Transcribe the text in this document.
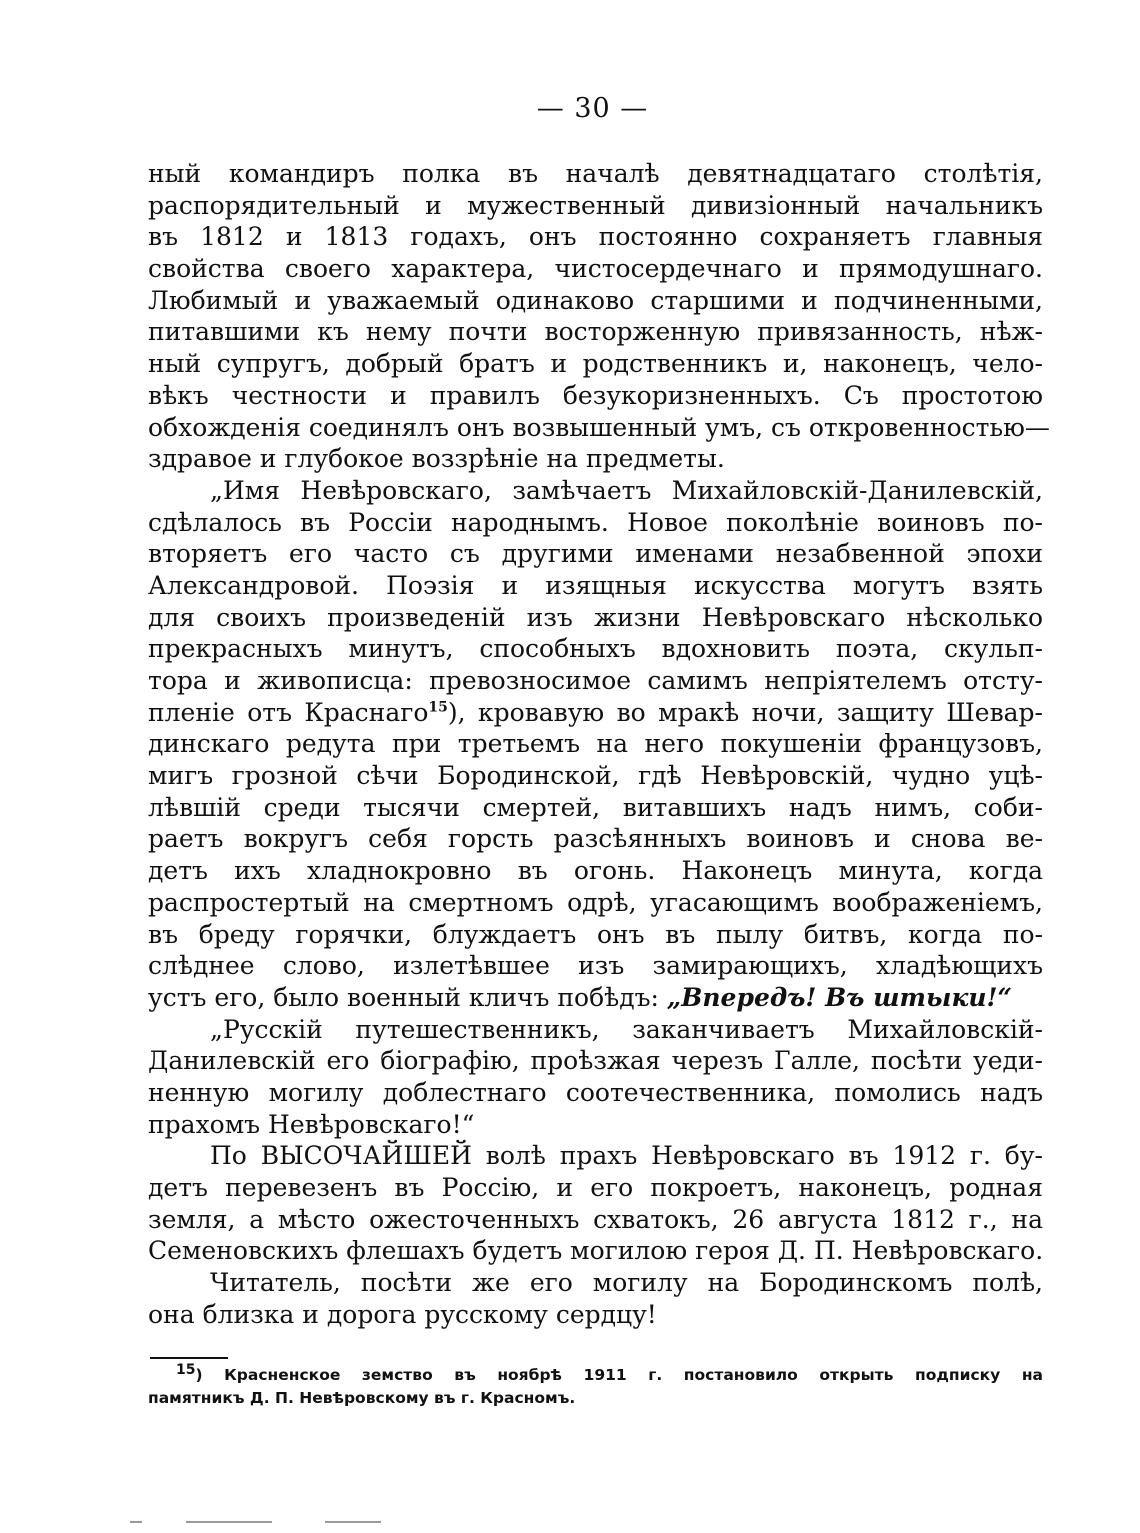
— 30 —
ный командиръ полка въ началѣ девятнадцатаго столѣтія,
распорядительный и мужественный дивизіонный начальникъ
въ 1812 и 1813 годахъ, онъ постоянно сохраняетъ главныя
свойства своего характера, чистосердечнаго и прямодушнаго.
Любимый и уважаемый одинаково старшими и подчиненными,
питавшими къ нему почти восторженную привязанность, нѣж-
ный супругъ, добрый братъ и родственникъ и, наконецъ, чело-
вѣкъ честности и правилъ безукоризненныхъ. Съ простотою
обхожденія соединялъ онъ возвышенный умъ, съ откровенностью—
здравое и глубокое воззрѣніе на предметы.
„Имя Невѣровскаго, замѣчаетъ Михайловскій-Данилевскій,
сдѣлалось въ Россіи народнымъ. Новое поколѣніе воиновъ по-
вторяетъ его часто съ другими именами незабвенной эпохи
Александровой. Поэзія и изящныя искусства могутъ взять
для своихъ произведеній изъ жизни Невѣровскаго нѣсколько
прекрасныхъ минутъ, способныхъ вдохновить поэта, скульп-
тора и живописца: превозносимое самимъ непріятелемъ отсту-
пленіе отъ Краснаго$^{15}$), кровавую во мракѣ ночи, защиту Шевар-
динскаго редута при третьемъ на него покушеніи французовъ,
мигъ грозной сѣчи Бородинской, гдѣ Невѣровскій, чудно уцѣ-
лѣвшій среди тысячи смертей, витавшихъ надъ нимъ, соби-
раетъ вокругъ себя горсть разсѣянныхъ воиновъ и снова ве-
детъ ихъ хладнокровно въ огонь. Наконецъ минута, когда
распростертый на смертномъ одрѣ, угасающимъ воображеніемъ,
въ бреду горячки, блуждаетъ онъ въ пылу битвъ, когда по-
слѣднее слово, излетѣвшее изъ замирающихъ, хладѣющихъ
устъ его, было военный кличъ побѣдъ: „Впередъ! Въ штыки!“
„Русскій путешественникъ, заканчиваетъ Михайловскій-
Данилевскій его біографію, проѣзжая черезъ Галле, посѣти уеди-
ненную могилу доблестнаго соотечественника, помолись надъ
прахомъ Невѣровскаго!“
По ВЫСОЧАЙШЕЙ волѣ прахъ Невѣровскаго въ 1912 г. бу-
детъ перевезенъ въ Россію, и его покроетъ, наконецъ, родная
земля, а мѣсто ожесточенныхъ схватокъ, 26 августа 1812 г., на
Семеновскихъ флешахъ будетъ могилою героя Д. П. Невѣровскаго.
Читатель, посѣти же его могилу на Бородинскомъ полѣ,
она близка и дорога русскому сердцу!
15) Красненское земство въ ноябрѣ 1911 г. постановило открыть подписку на
памятникъ Д. П. Невѣровскому въ г. Красномъ.
